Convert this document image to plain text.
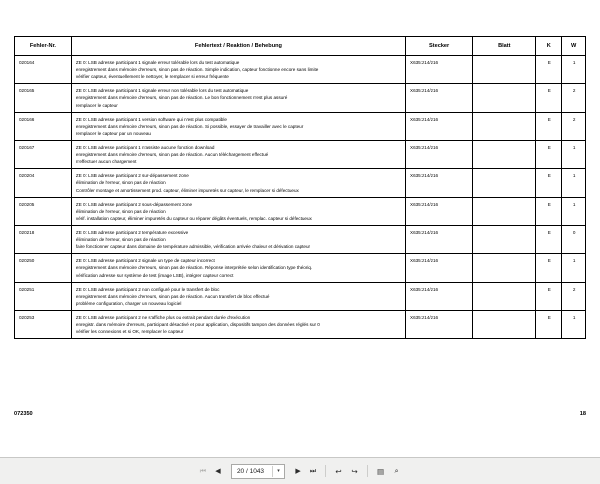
Fehler-Nr.	Fehlertext / Reaktion / Behebung	Stecker	Blatt	K	W
020164	ZE 0: LSB adresse participant 1 signale erreur tolérable lors du test automatique
enregistrement dans mémoire d'erreurs, sinon pas de réaction. Simple indication, capteur fonctionne encore sans limite
vérifier capteur, éventuellement le nettoyer, le remplacer si erreur fréquente	X635:z14/z16		E	1
020165	ZE 0: LSB adresse participant 1 signale erreur non tolérable lors du test automatique
enregistrement dans mémoire d'erreurs, sinon pas de réaction. Le bon fonctionnement n'est plus assuré
remplacer le capteur	X635:z14/z16		E	2
020166	ZE 0: LSB adresse participant 1 version software qui n'est plus compatible
enregistrement dans mémoire d'erreurs, sinon pas de réaction. Si possible, essayer de travailler avec le capteur
remplacer le capteur par un nouveau	X635:z14/z16		E	2
020167	ZE 0: LSB adresse participant 1 n'assiste aucune fonction download
enregistrement dans mémoire d'erreurs, sinon pas de réaction. Aucun téléchargement effectué
n'effectuer aucun chargement	X635:z14/z16		E	1
020204	ZE 0: LSB adresse participant 2 sur-dépassement zone
élimination de l'erreur, sinon pas de réaction
Contrôler montage et amortissement prod. capteur, éliminer impuretés sur capteur, le remplacer si défectueux	X635:z14/z16		E	1
020205	ZE 0: LSB adresse participant 2 sous-dépassement zone
élimination de l'erreur, sinon pas de réaction
vérif. installation capteur, éliminer impuretés du capteur ou réparer dégâts éventuels, remplac. capteur si défectueux	X635:z14/z16		E	1
020218	ZE 0: LSB adresse participant 2 température excessive
élimination de l'erreur, sinon pas de réaction
faire fonctionner capteur dans domaine de température admissible, vérification arrivée chaleur et dérivation capteur	X635:z14/z16		E	0
020250	ZE 0: LSB adresse participant 2 signale un type de capteur incorrect
enregistrement dans mémoire d'erreurs, sinon pas de réaction. Réponse interprétée selon identification type théoriq.
vérification adresse sur système de test (image LSB), intégrer capteur correct	X635:z14/z16		E	1
020251	ZE 0: LSB adresse participant 2 non configuré pour le transfert de bloc
enregistrement dans mémoire d'erreurs, sinon pas de réaction. Aucun transfert de bloc effectué
problème configuration, charger un nouveau logiciel	X635:z14/z16		E	2
020253	ZE 0: LSB adresse participant 2 ne s'affiche plus ou extrait pendant durée d'exécution
enregistr. dans mémoire d'erreurs, participant désactivé et pour application, dispositifs tampon des données réglés sur 0
vérifier les connexions et si OK, remplacer le capteur	X635:z14/z16		E	1
072350	18
⏮	◀	20 / 1043	▾	▶	⏭	↩	↪	▤	⌕
